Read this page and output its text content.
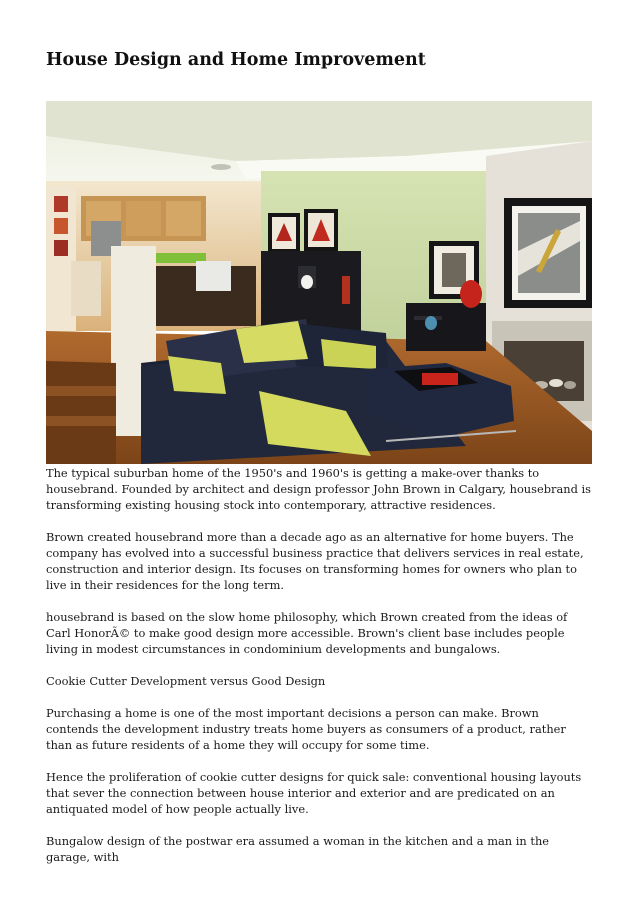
House Design and Home Improvement

The typical suburban home of the 1950's and 1960's is getting a make-over thanks to housebrand. Founded by architect and design professor John Brown in Calgary, housebrand is transforming existing housing stock into contemporary, attractive residences.

Brown created housebrand more than a decade ago as an alternative for home buyers. The company has evolved into a successful business practice that delivers services in real estate, construction and interior design. Its focuses on transforming homes for owners who plan to live in their residences for the long term.

housebrand is based on the slow home philosophy, which Brown created from the ideas of Carl HonorÃ© to make good design more accessible. Brown's client base includes people living in modest circumstances in condominium developments and bungalows.

Cookie Cutter Development versus Good Design

Purchasing a home is one of the most important decisions a person can make. Brown contends the development industry treats home buyers as consumers of a product, rather than as future residents of a home they will occupy for some time.

Hence the proliferation of cookie cutter designs for quick sale: conventional housing layouts that sever the connection between house interior and exterior and are predicated on an antiquated model of how people actually live.

Bungalow design of the postwar era assumed a woman in the kitchen and a man in the garage, with
